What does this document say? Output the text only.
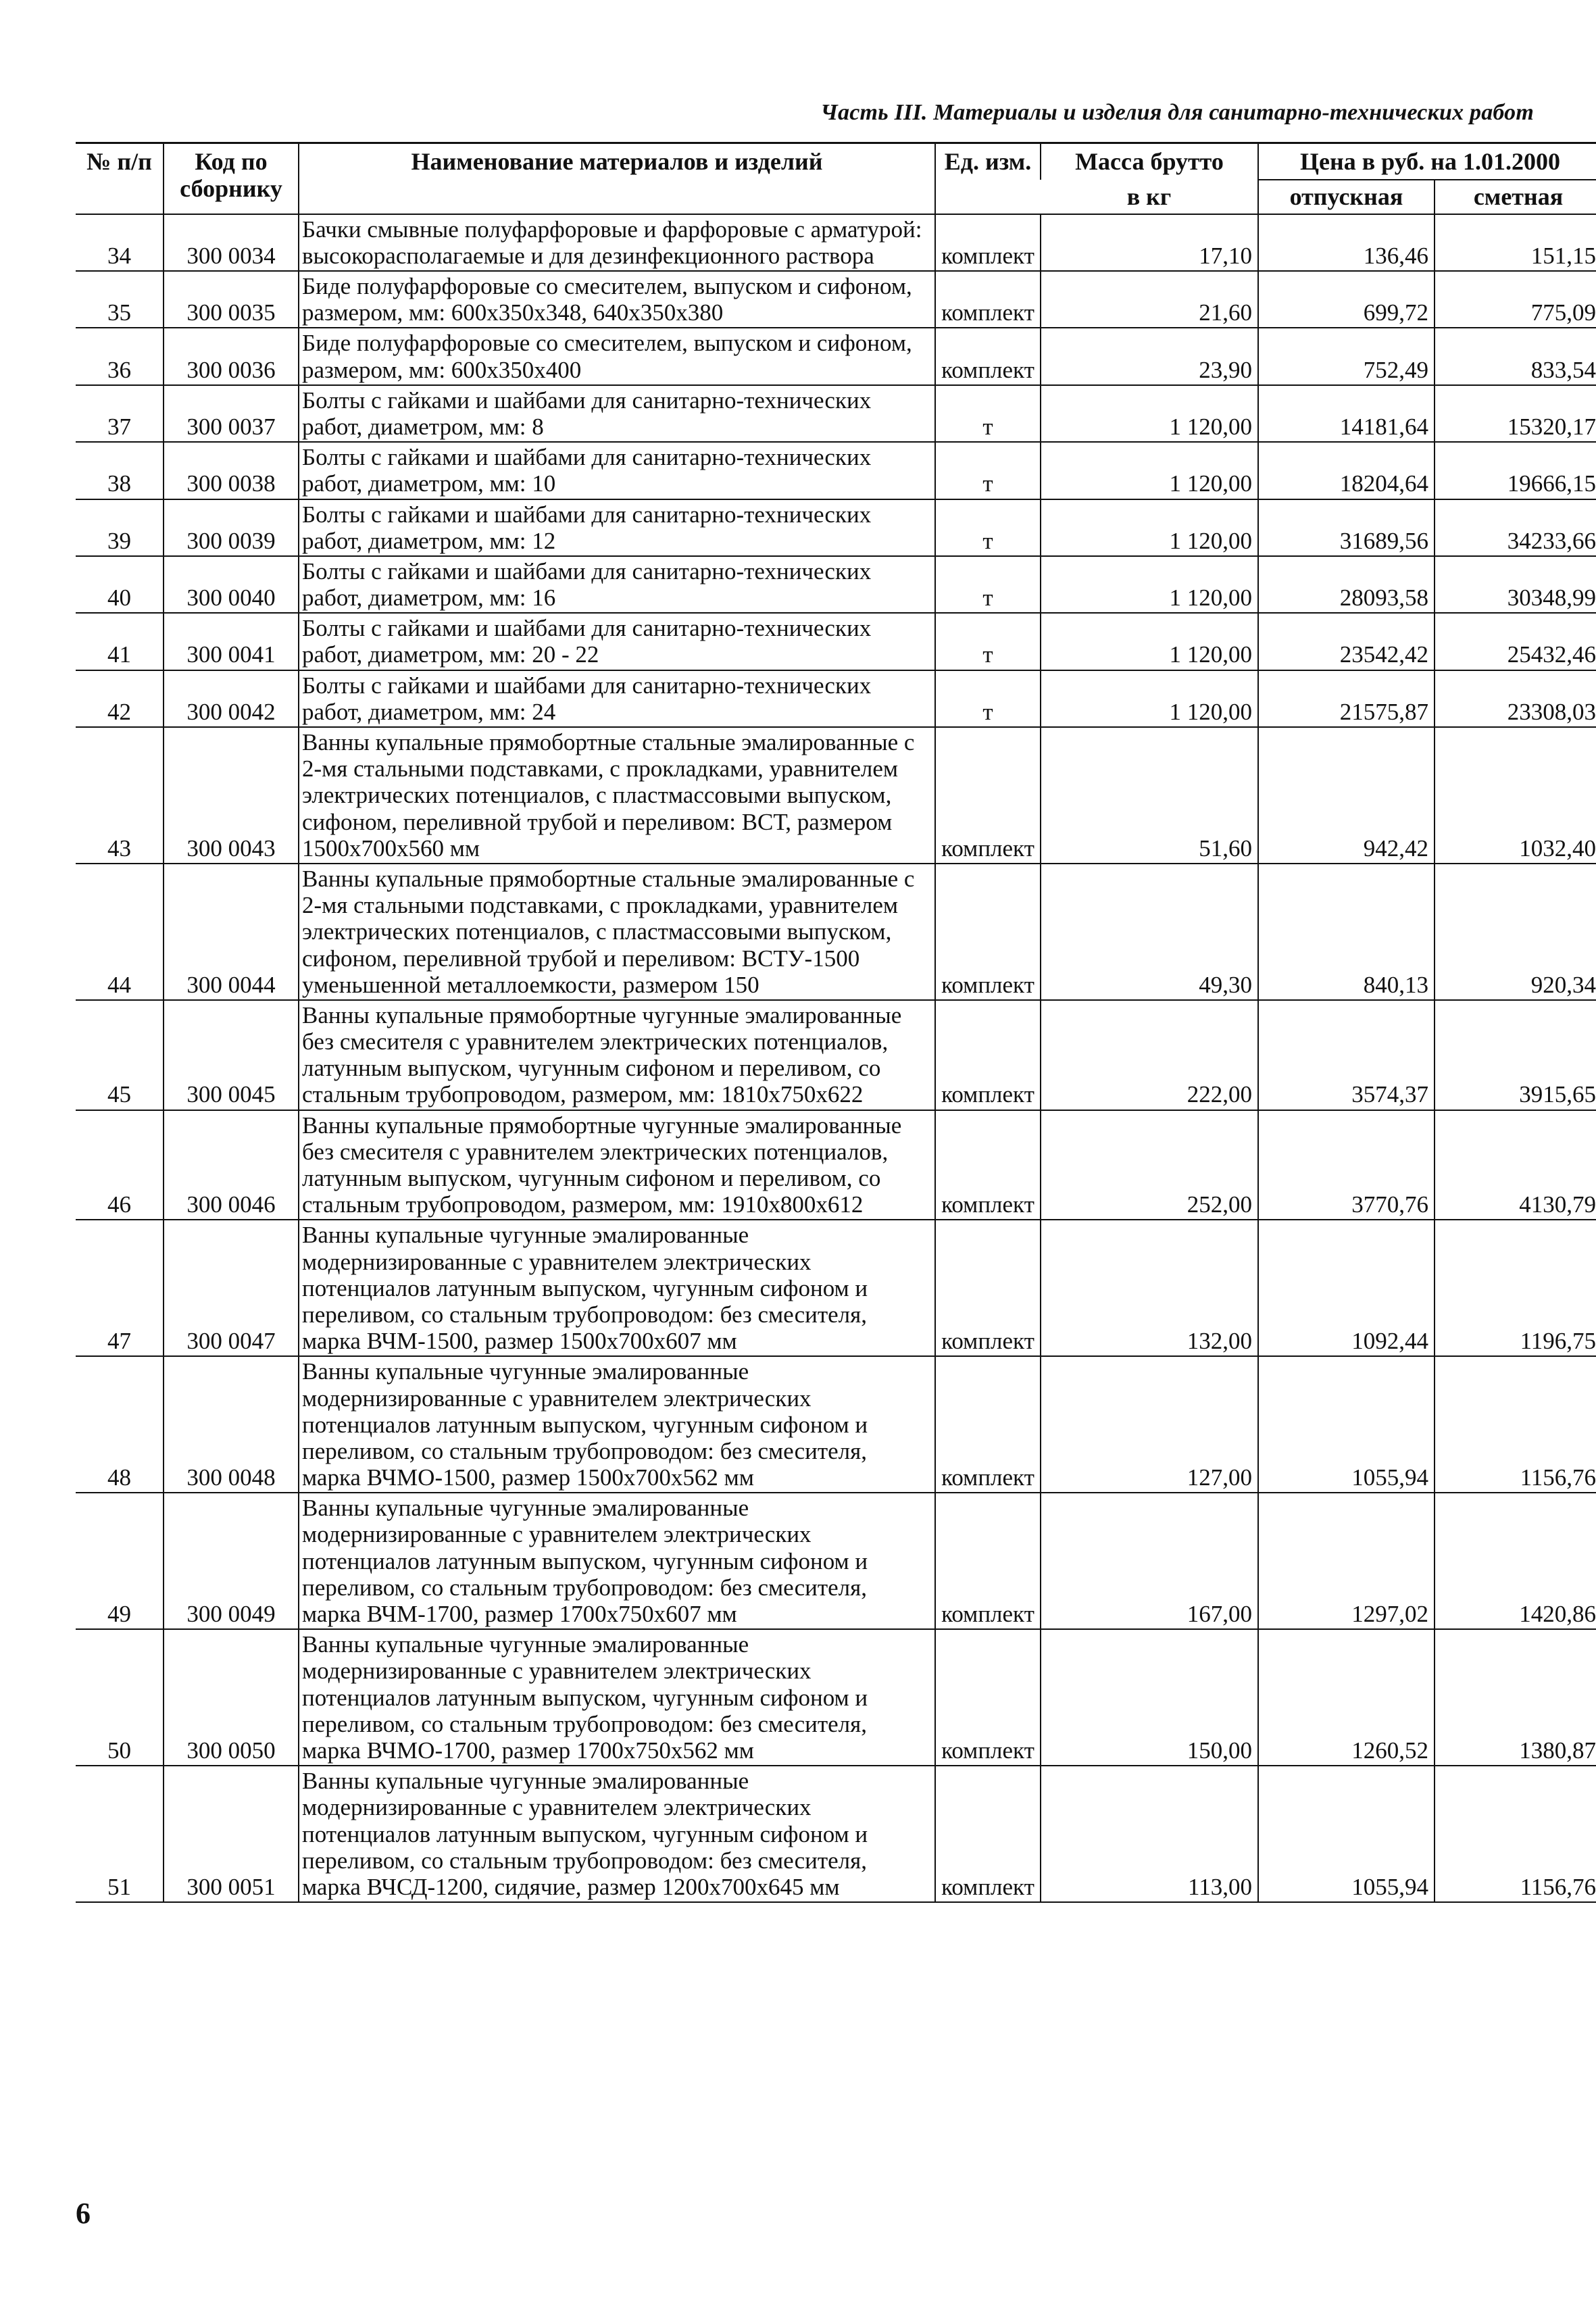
Часть III. Материалы и изделия для санитарно-технических работ
№ п/п	Код по сборнику	Наименование материалов и изделий	Ед. изм.	Масса брутто	Цена в руб. на 1.01.2000	
				в кг	отпускная	сметная
34	300 0034	Бачки смывные полуфарфоровые и фарфоровые с арматурой: высокорасполагаемые и для дезинфекционного раствора	комплект	17,10	136,46	151,15
35	300 0035	Биде полуфарфоровые со смесителем, выпуском и сифоном, размером, мм: 600х350х348, 640х350х380	комплект	21,60	699,72	775,09
36	300 0036	Биде полуфарфоровые со смесителем, выпуском и сифоном, размером, мм: 600х350х400	комплект	23,90	752,49	833,54
37	300 0037	Болты с гайками и шайбами для санитарно-технических работ, диаметром, мм: 8	т	1 120,00	14181,64	15320,17
38	300 0038	Болты с гайками и шайбами для санитарно-технических работ, диаметром, мм: 10	т	1 120,00	18204,64	19666,15
39	300 0039	Болты с гайками и шайбами для санитарно-технических работ, диаметром, мм: 12	т	1 120,00	31689,56	34233,66
40	300 0040	Болты с гайками и шайбами для санитарно-технических работ, диаметром, мм: 16	т	1 120,00	28093,58	30348,99
41	300 0041	Болты с гайками и шайбами для санитарно-технических работ, диаметром, мм: 20 - 22	т	1 120,00	23542,42	25432,46
42	300 0042	Болты с гайками и шайбами для санитарно-технических работ, диаметром, мм: 24	т	1 120,00	21575,87	23308,03
43	300 0043	Ванны купальные прямобортные стальные эмалированные с 2-мя стальными подставками, с прокладками, уравнителем электрических потенциалов, с пластмассовыми выпуском, сифоном, переливной трубой и переливом: ВСТ, размером 1500х700х560 мм	комплект	51,60	942,42	1032,40
44	300 0044	Ванны купальные прямобортные стальные эмалированные с 2-мя стальными подставками, с прокладками, уравнителем электрических потенциалов, с пластмассовыми выпуском, сифоном, переливной трубой и переливом: ВСТУ-1500 уменьшенной металлоемкости, размером 150	комплект	49,30	840,13	920,34
45	300 0045	Ванны купальные прямобортные чугунные эмалированные без смесителя с уравнителем электрических потенциалов, латунным выпуском, чугунным сифоном и переливом, со стальным трубопроводом, размером, мм: 1810х750х622	комплект	222,00	3574,37	3915,65
46	300 0046	Ванны купальные прямобортные чугунные эмалированные без смесителя с уравнителем электрических потенциалов, латунным выпуском, чугунным сифоном и переливом, со стальным трубопроводом, размером, мм: 1910х800х612	комплект	252,00	3770,76	4130,79
47	300 0047	Ванны купальные чугунные эмалированные модернизированные с уравнителем электрических потенциалов латунным выпуском, чугунным сифоном и переливом, со стальным трубопроводом: без смесителя, марка ВЧМ-1500, размер 1500х700х607 мм	комплект	132,00	1092,44	1196,75
48	300 0048	Ванны купальные чугунные эмалированные модернизированные с уравнителем электрических потенциалов латунным выпуском, чугунным сифоном и переливом, со стальным трубопроводом: без смесителя, марка ВЧМО-1500, размер 1500х700х562 мм	комплект	127,00	1055,94	1156,76
49	300 0049	Ванны купальные чугунные эмалированные модернизированные с уравнителем электрических потенциалов латунным выпуском, чугунным сифоном и переливом, со стальным трубопроводом: без смесителя, марка ВЧМ-1700, размер 1700х750х607 мм	комплект	167,00	1297,02	1420,86
50	300 0050	Ванны купальные чугунные эмалированные модернизированные с уравнителем электрических потенциалов латунным выпуском, чугунным сифоном и переливом, со стальным трубопроводом: без смесителя, марка ВЧМО-1700, размер 1700х750х562 мм	комплект	150,00	1260,52	1380,87
51	300 0051	Ванны купальные чугунные эмалированные модернизированные с уравнителем электрических потенциалов латунным выпуском, чугунным сифоном и переливом, со стальным трубопроводом: без смесителя, марка ВЧСД-1200, сидячие, размер 1200х700х645 мм	комплект	113,00	1055,94	1156,76
6
